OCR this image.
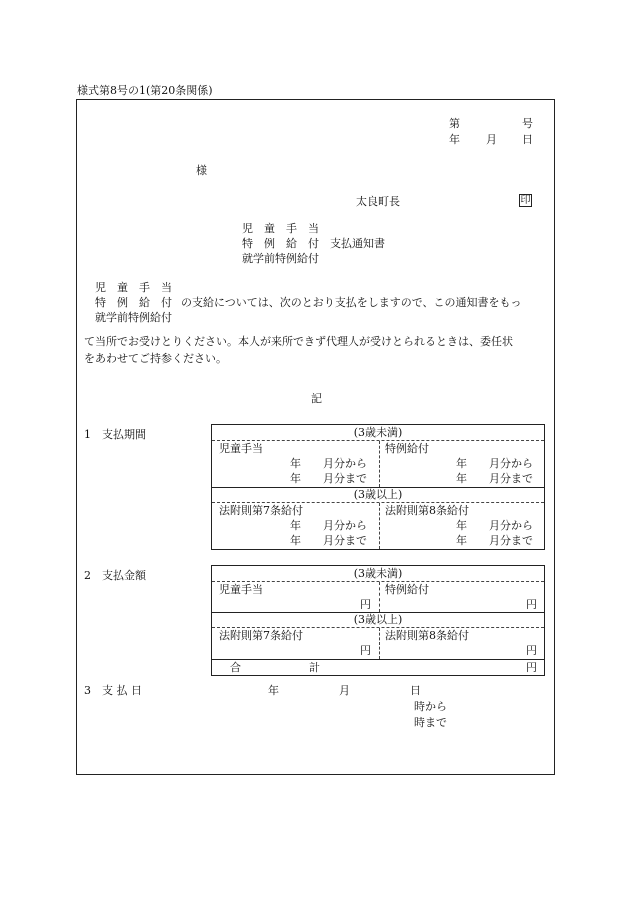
様式第8号の1(第20条関係)
第	号
年 月 日
様
太良町長	印
児　童　手　当
特　例　給　付 支払通知書
就学前特例給付
児　童　手　当
特　例　給　付 の支給については、次のとおり支払をしますので、この通知書をもっ
就学前特例給付
て当所でお受けとりください。本人が来所できず代理人が受けとられるときは、委任状
をあわせてご持参ください。
記
1　支払期間	(3歳未満)
児童手当	特例給付
年 月分から	年 月分から
年 月分まで	年 月分まで
(3歳以上)
法附則第7条給付	法附則第8条給付
年 月分から	年 月分から
年 月分まで	年 月分まで
2　支払金額	(3歳未満)
児童手当	特例給付
円	円
(3歳以上)
法附則第7条給付	法附則第8条給付
円	円
合	計	円
3　支 払 日	年	月	日
時から
時まで
